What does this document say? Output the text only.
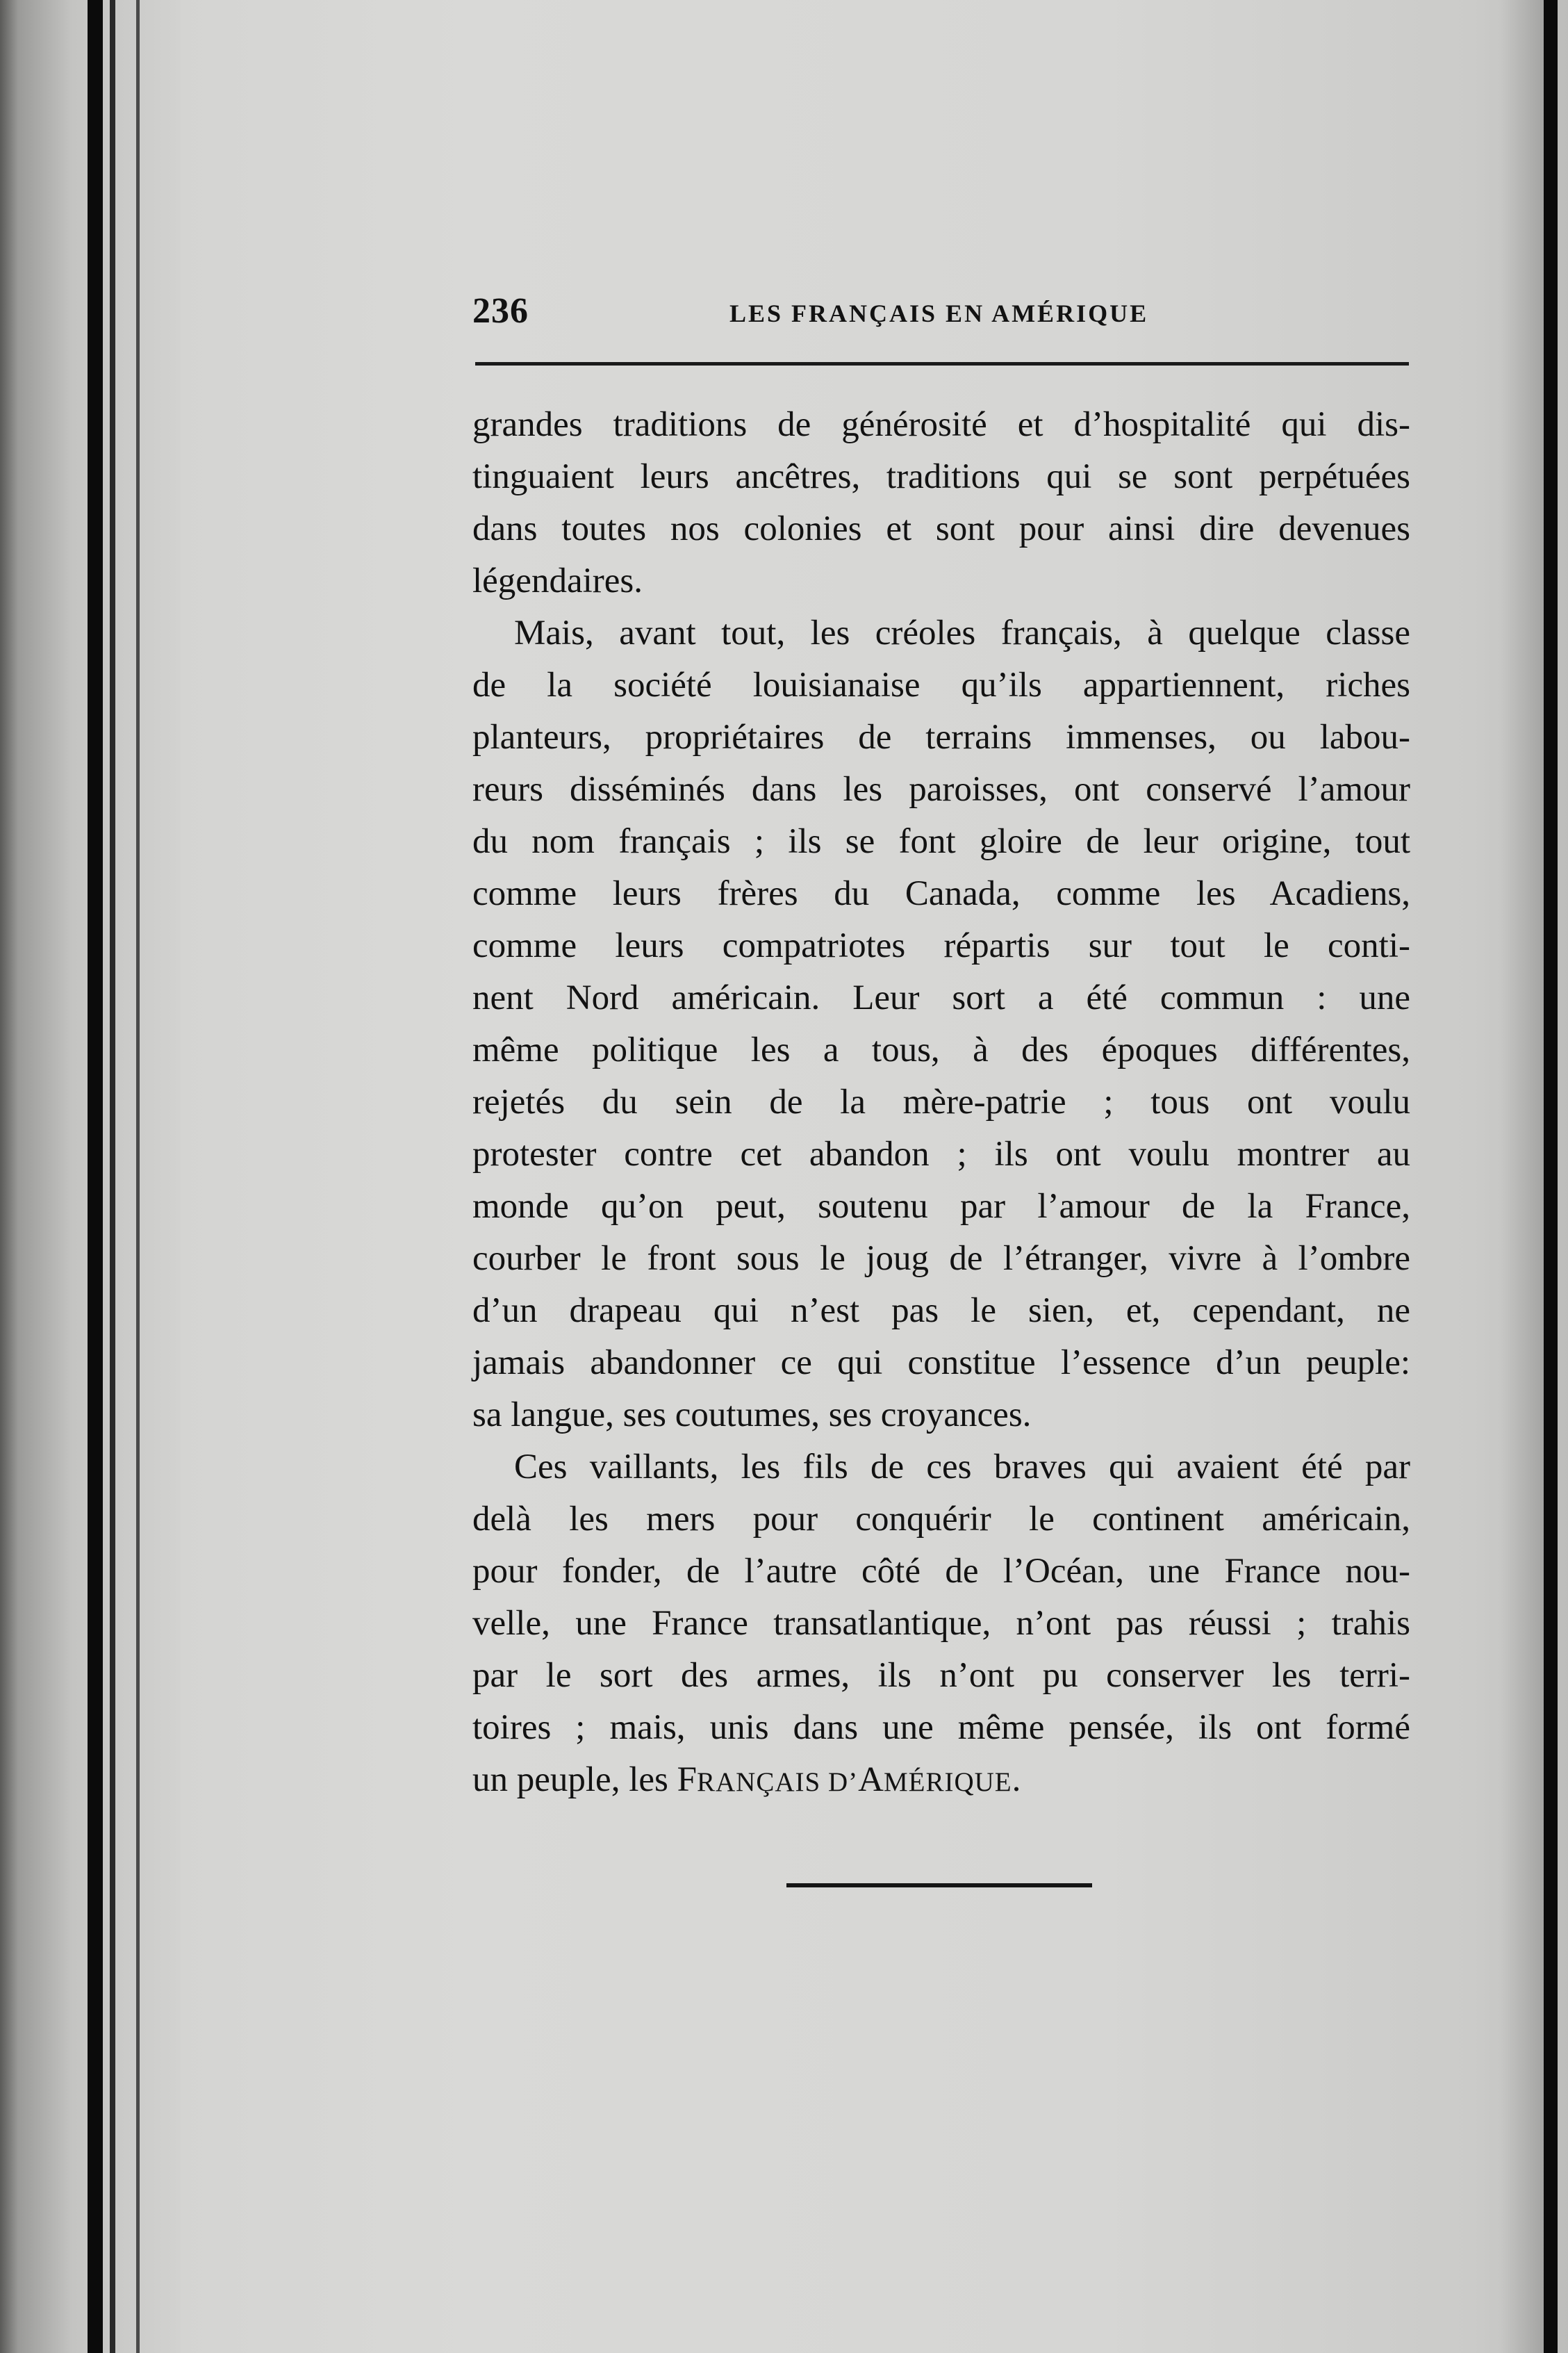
236	LES FRANÇAIS EN AMÉRIQUE
grandes traditions de générosité et d’hospitalité qui dis-
tinguaient leurs ancêtres, traditions qui se sont perpétuées
dans toutes nos colonies et sont pour ainsi dire devenues
légendaires.
Mais, avant tout, les créoles français, à quelque classe
de la société louisianaise qu’ils appartiennent, riches
planteurs, propriétaires de terrains immenses, ou labou-
reurs disséminés dans les paroisses, ont conservé l’amour
du nom français ; ils se font gloire de leur origine, tout
comme leurs frères du Canada, comme les Acadiens,
comme leurs compatriotes répartis sur tout le conti-
nent Nord américain. Leur sort a été commun : une
même politique les a tous, à des époques différentes,
rejetés du sein de la mère-patrie ; tous ont voulu
protester contre cet abandon ; ils ont voulu montrer au
monde qu’on peut, soutenu par l’amour de la France,
courber le front sous le joug de l’étranger, vivre à l’ombre
d’un drapeau qui n’est pas le sien, et, cependant, ne
jamais abandonner ce qui constitue l’essence d’un peuple:
sa langue, ses coutumes, ses croyances.
Ces vaillants, les fils de ces braves qui avaient été par
delà les mers pour conquérir le continent américain,
pour fonder, de l’autre côté de l’Océan, une France nou-
velle, une France transatlantique, n’ont pas réussi ; trahis
par le sort des armes, ils n’ont pu conserver les terri-
toires ; mais, unis dans une même pensée, ils ont formé
un peuple, les FRANÇAIS D’AMÉRIQUE.
